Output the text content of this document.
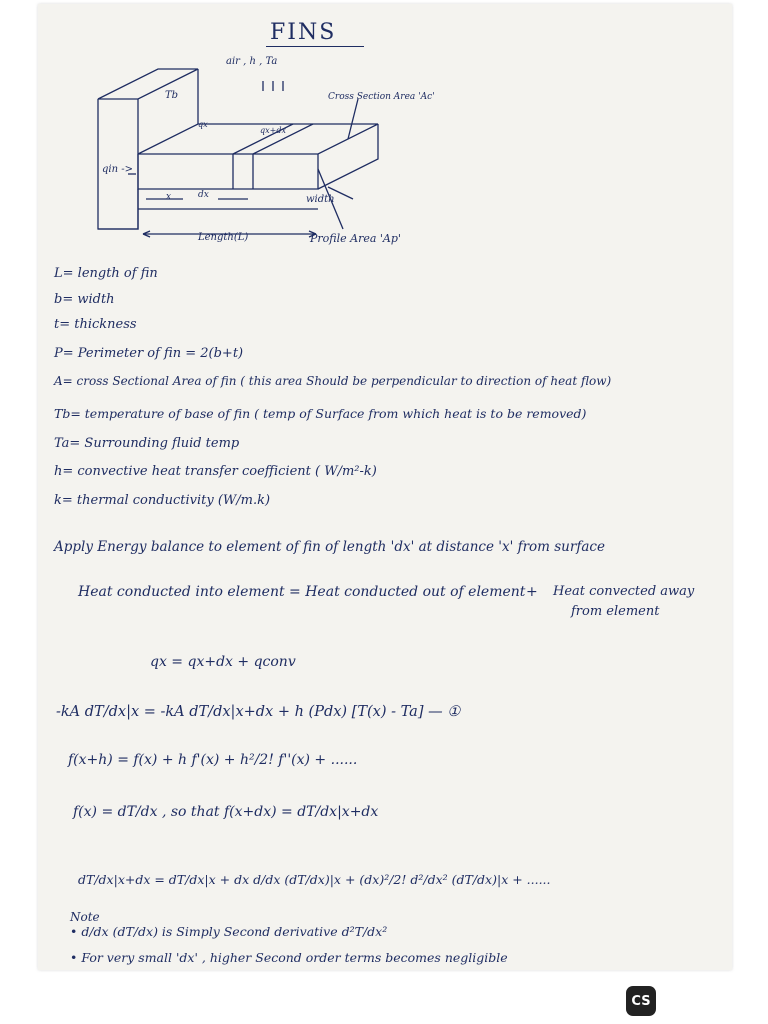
FINS
air , h , Ta
Tb	Cross Section Area 'Ac'
qx
qx+dx
qin ->
x	dx	width
Length(L)	Profile Area 'Ap'
L= length of fin
b= width
t= thickness
P= Perimeter of fin = 2(b+t)
A= cross Sectional Area of fin ( this area Should be perpendicular to direction of heat flow)
Tb= temperature of base of fin ( temp of Surface from which heat is to be removed)
Ta= Surrounding fluid temp
h= convective heat transfer coefficient ( W/m²-k)
k= thermal conductivity (W/m.k)
Apply Energy balance to element of fin of length 'dx' at distance 'x' from surface
Heat conducted into element = Heat conducted out of element + Heat convected away
from element
qx = qx+dx + qconv
-kA dT/dx|x = -kA dT/dx|x+dx + h (Pdx) [T(x) - Ta] — ①
f(x+h) = f(x) + h f'(x) + h²/2! f''(x) + ......
f(x) = dT/dx , so that f(x+dx) = dT/dx|x+dx
dT/dx|x+dx = dT/dx|x + dx d/dx (dT/dx)|x + (dx)²/2! d²/dx² (dT/dx)|x + ......
Note
• d/dx (dT/dx) is Simply Second derivative d²T/dx²
• For very small 'dx' , higher Second order terms becomes negligible
CS
